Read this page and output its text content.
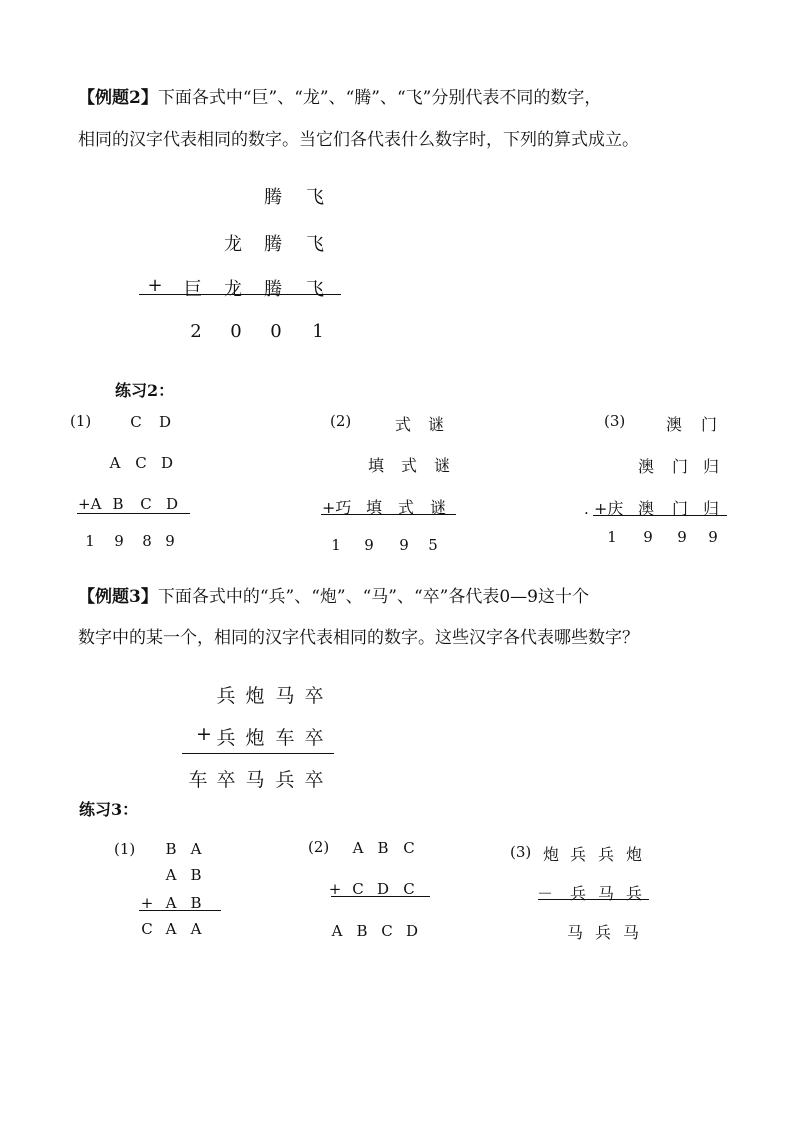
【例题2】下面各式中“巨”、“龙”、“腾”、“飞”分别代表不同的数字，
相同的汉字代表相同的数字。当它们各代表什么数字时，下列的算式成立。
腾 飞
龙 腾 飞
+ 巨 龙 腾 飞
2	0	0	1
练习2：
(1)	C D
A C D
+A B C D
1	9	8 9
(2)	式 谜
填 式 谜
+巧 填 式 谜
1	9	9	5
(3)	澳 门
澳 门 归
. +庆 澳 门 归
1	9	9	9
【例题3】下面各式中的“兵”、“炮”、“马”、“卒”各代表0—9这十个
数字中的某一个，相同的汉字代表相同的数字。这些汉字各代表哪些数字？
兵 炮 马 卒
+ 兵 炮 车 卒
车 卒 马 兵 卒
练习3：
(1) B A
A B
+ A B
C A A
(2)	A B C
+ C D C
A B C D
(3) 炮 兵 兵 炮
－ 兵 马 兵
马 兵 马
